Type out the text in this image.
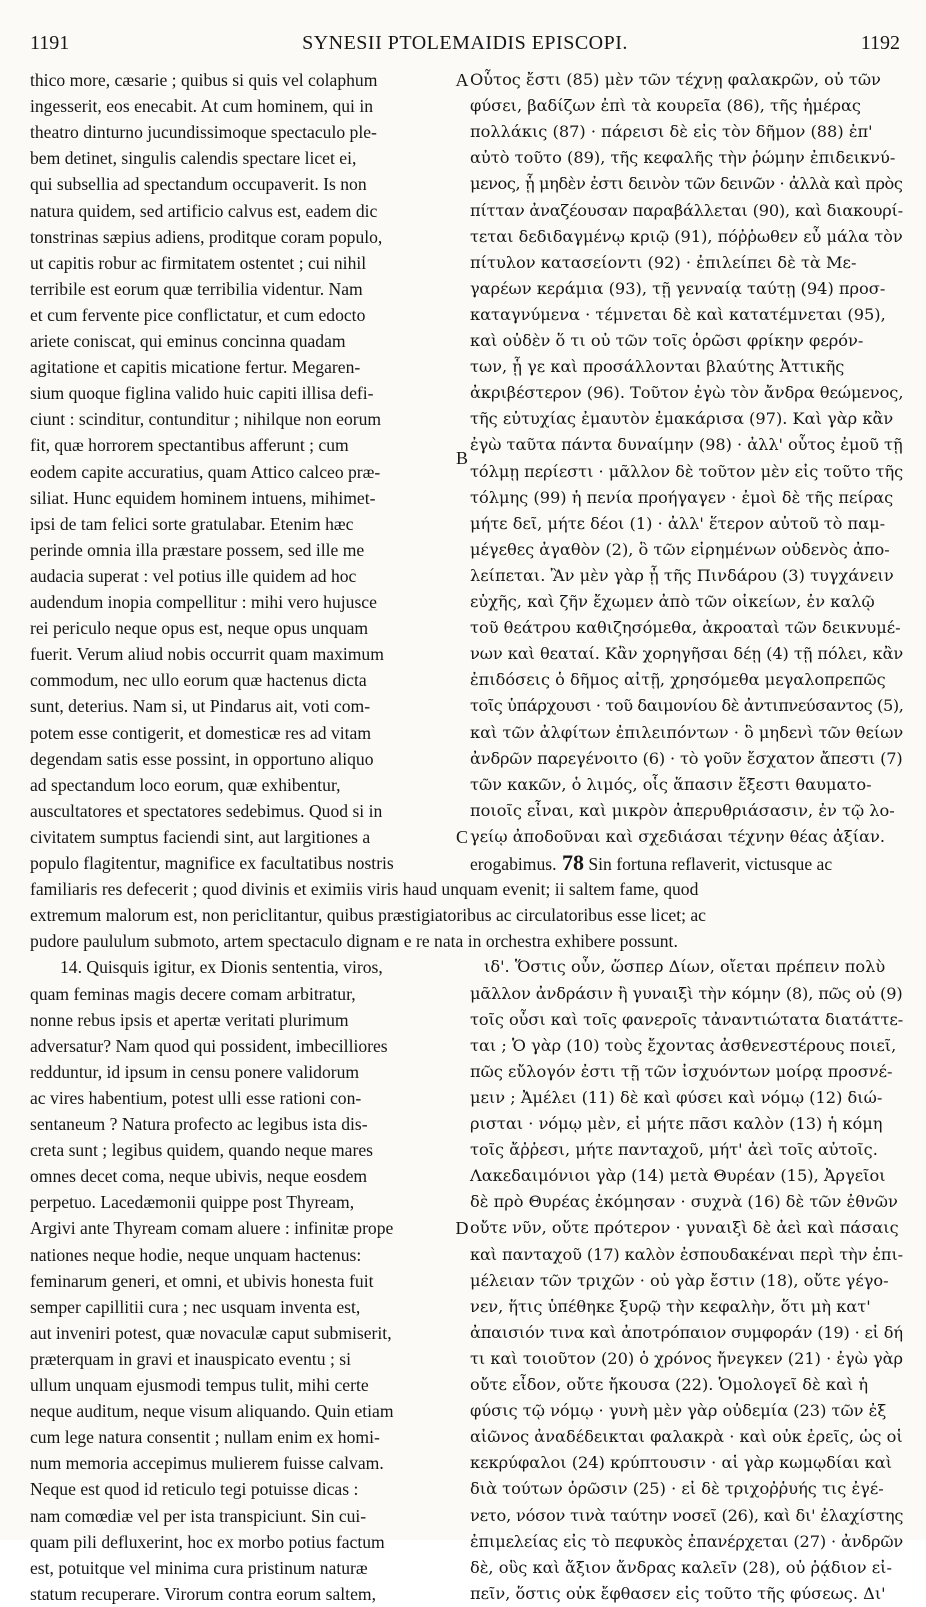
1191	SYNESII PTOLEMAIDIS EPISCOPI.	1192
thico more, cæsarie ; quibus si quis vel colaphum
ingesserit, eos enecabit. At cum hominem, qui in
theatro dinturno jucundissimoque spectaculo ple-
bem detinet, singulis calendis spectare licet ei,
qui subsellia ad spectandum occupaverit. Is non
natura quidem, sed artificio calvus est, eadem dic
tonstrinas sæpius adiens, proditque coram populo,
ut capitis robur ac firmitatem ostentet ; cui nihil
terribile est eorum quæ terribilia videntur. Nam
et cum fervente pice conflictatur, et cum edocto
ariete coniscat, qui eminus concinna quadam
agitatione et capitis micatione fertur. Megaren-
sium quoque figlina valido huic capiti illisa defi-
ciunt : scinditur, contunditur ; nihilque non eorum
fit, quæ horrorem spectantibus afferunt ; cum
eodem capite accuratius, quam Attico calceo præ-
siliat. Hunc equidem hominem intuens, mihimet-
ipsi de tam felici sorte gratulabar. Etenim hæc
perinde omnia illa præstare possem, sed ille me
audacia superat : vel potius ille quidem ad hoc
audendum inopia compellitur : mihi vero hujusce
rei periculo neque opus est, neque opus unquam
fuerit. Verum aliud nobis occurrit quam maximum
commodum, nec ullo eorum quæ hactenus dicta
sunt, deterius. Nam si, ut Pindarus ait, voti com-
potem esse contigerit, et domesticæ res ad vitam
degendam satis esse possint, in opportuno aliquo
ad spectandum loco eorum, quæ exhibentur,
auscultatores et spectatores sedebimus. Quod si in
civitatem sumptus faciendi sint, aut largitiones a
Οὗτος ἔστι (85) μὲν τῶν τέχνῃ φαλακρῶν, οὐ τῶν
φύσει, βαδίζων ἐπὶ τὰ κουρεῖα (86), τῆς ἡμέρας
πολλάκις (87) · πάρεισι δὲ εἰς τὸν δῆμον (88) ἐπ'
αὐτὸ τοῦτο (89), τῆς κεφαλῆς τὴν ῥώμην ἐπιδεικνύ-
μενος, ᾗ μηδὲν ἐστι δεινὸν τῶν δεινῶν · ἀλλὰ καὶ πρὸς
πίτταν ἀναζέουσαν παραβάλλεται (90), καὶ διακουρί-
τεται δεδιδαγμένῳ κριῷ (91), πόῤῥωθεν εὖ μάλα τὸν
πίτυλον κατασείοντι (92) · ἐπιλείπει δὲ τὰ Με-
γαρέων κεράμια (93), τῇ γενναίᾳ ταύτῃ (94) προσ-
καταγνύμενα · τέμνεται δὲ καὶ κατατέμνεται (95),
καὶ οὐδὲν ὅ τι οὐ τῶν τοῖς ὁρῶσι φρίκην φερόν-
των, ᾗ γε καὶ προσάλλονται βλαύτης Ἀττικῆς
ἀκριβέστερον (96). Τοῦτον ἐγὼ τὸν ἄνδρα θεώμενος,
τῆς εὐτυχίας ἐμαυτὸν ἐμακάρισα (97). Καὶ γὰρ κἂν
ἐγὼ ταῦτα πάντα δυναίμην (98) · ἀλλ' οὗτος ἐμοῦ τῇ
τόλμῃ περίεστι · μᾶλλον δὲ τοῦτον μὲν εἰς τοῦτο τῆς
τόλμης (99) ἡ πενία προήγαγεν · ἐμοὶ δὲ τῆς πείρας
μήτε δεῖ, μήτε δέοι (1) · ἀλλ' ἕτερον αὐτοῦ τὸ παμ-
μέγεθες ἀγαθὸν (2), ὃ τῶν εἰρημένων οὐδενὸς ἀπο-
λείπεται. Ἂν μὲν γὰρ ᾖ τῆς Πινδάρου (3) τυγχάνειν
εὐχῆς, καὶ ζῆν ἔχωμεν ἀπὸ τῶν οἰκείων, ἐν καλῷ
τοῦ θεάτρου καθιζησόμεθα, ἀκροαταὶ τῶν δεικνυμέ-
νων καὶ θεαταί. Κἂν χορηγῆσαι δέῃ (4) τῇ πόλει, κἂν
ἐπιδόσεις ὁ δῆμος αἰτῇ, χρησόμεθα μεγαλοπρεπῶς
τοῖς ὑπάρχουσι · τοῦ δαιμονίου δὲ ἀντιπνεύσαντος (5),
καὶ τῶν ἀλφίτων ἐπιλειπόντων · ὃ μηδενὶ τῶν θείων
ἀνδρῶν παρεγένοιτο (6) · τὸ γοῦν ἔσχατον ἄπεστι (7)
τῶν κακῶν, ὁ λιμός, οἷς ἅπασιν ἔξεστι θαυματο-
ποιοῖς εἶναι, καὶ μικρὸν ἀπερυθριάσασιν, ἐν τῷ λο-
γείῳ ἀποδοῦναι καὶ σχεδιάσαι τέχνην θέας ἀξίαν.
populo flagitentur, magnifice ex facultatibus nostris	erogabimus. 78 Sin fortuna reflaverit, victusque ac
familiaris res defecerit ; quod divinis et eximiis viris haud unquam evenit; ii saltem fame, quod
extremum malorum est, non periclitantur, quibus præstigiatoribus ac circulatoribus esse licet; ac
pudore paululum submoto, artem spectaculo dignam e re nata in orchestra exhibere possunt.
14. Quisquis igitur, ex Dionis sententia, viros,
quam feminas magis decere comam arbitratur,
nonne rebus ipsis et apertæ veritati plurimum
adversatur? Nam quod qui possident, imbecilliores
redduntur, id ipsum in censu ponere validorum
ac vires habentium, potest ulli esse rationi con-
sentaneum ? Natura profecto ac legibus ista dis-
creta sunt ; legibus quidem, quando neque mares
omnes decet coma, neque ubivis, neque eosdem
perpetuo. Lacedæmonii quippe post Thyream,
Argivi ante Thyream comam aluere : infinitæ prope
nationes neque hodie, neque unquam hactenus:
feminarum generi, et omni, et ubivis honesta fuit
semper capillitii cura ; nec usquam inventa est,
aut inveniri potest, quæ novaculæ caput submiserit,
præterquam in gravi et inauspicato eventu ; si
ullum unquam ejusmodi tempus tulit, mihi certe
neque auditum, neque visum aliquando. Quin etiam
cum lege natura consentit ; nullam enim ex homi-
num memoria accepimus mulierem fuisse calvam.
Neque est quod id reticulo tegi potuisse dicas :
nam comœdiæ vel per ista transpiciunt. Sin cui-
quam pili defluxerint, hoc ex morbo potius factum
est, potuitque vel minima cura pristinum naturæ
statum recuperare. Virorum contra eorum saltem,
ιδ'. Ὅστις οὖν, ὥσπερ Δίων, οἴεται πρέπειν πολὺ
μᾶλλον ἀνδράσιν ἢ γυναιξὶ τὴν κόμην (8), πῶς οὐ (9)
τοῖς οὖσι καὶ τοῖς φανεροῖς τἀναντιώτατα διατάττε-
ται ; Ὁ γὰρ (10) τοὺς ἔχοντας ἀσθενεστέρους ποιεῖ,
πῶς εὔλογόν ἐστι τῇ τῶν ἰσχυόντων μοίρᾳ προσνέ-
μειν ; Ἀμέλει (11) δὲ καὶ φύσει καὶ νόμῳ (12) διώ-
ρισται · νόμῳ μὲν, εἰ μήτε πᾶσι καλὸν (13) ἡ κόμη
τοῖς ἄῤῥεσι, μήτε πανταχοῦ, μήτ' ἀεὶ τοῖς αὐτοῖς.
Λακεδαιμόνιοι γὰρ (14) μετὰ Θυρέαν (15), Ἀργεῖοι
δὲ πρὸ Θυρέας ἐκόμησαν · συχνὰ (16) δὲ τῶν ἐθνῶν
οὔτε νῦν, οὔτε πρότερον · γυναιξὶ δὲ ἀεὶ καὶ πάσαις
καὶ πανταχοῦ (17) καλὸν ἐσπουδακέναι περὶ τὴν ἐπι-
μέλειαν τῶν τριχῶν · οὐ γὰρ ἔστιν (18), οὔτε γέγο-
νεν, ἥτις ὑπέθηκε ξυρῷ τὴν κεφαλὴν, ὅτι μὴ κατ'
ἀπαισιόν τινα καὶ ἀποτρόπαιον συμφοράν (19) · εἰ δή
τι καὶ τοιοῦτον (20) ὁ χρόνος ἤνεγκεν (21) · ἐγὼ γὰρ
οὔτε εἶδον, οὔτε ἤκουσα (22). Ὁμολογεῖ δὲ καὶ ἡ
φύσις τῷ νόμῳ · γυνὴ μὲν γὰρ οὐδεμία (23) τῶν ἐξ
αἰῶνος ἀναδέδεικται φαλακρὰ · καὶ οὐκ ἐρεῖς, ὡς οἱ
κεκρύφαλοι (24) κρύπτουσιν · αἱ γὰρ κωμῳδίαι καὶ
διὰ τούτων ὁρῶσιν (25) · εἰ δὲ τριχοῤῥυής τις ἐγέ-
νετο, νόσον τινὰ ταύτην νοσεῖ (26), καὶ δι' ἐλαχίστης
ἐπιμελείας εἰς τὸ πεφυκὸς ἐπανέρχεται (27) · ἀνδρῶν
δὲ, οὓς καὶ ἄξιον ἄνδρας καλεῖν (28), οὐ ῥᾴδιον εἰ-
πεῖν, ὅστις οὐκ ἔφθασεν εἰς τοῦτο τῆς φύσεως. Δι'
A
B
C
D
